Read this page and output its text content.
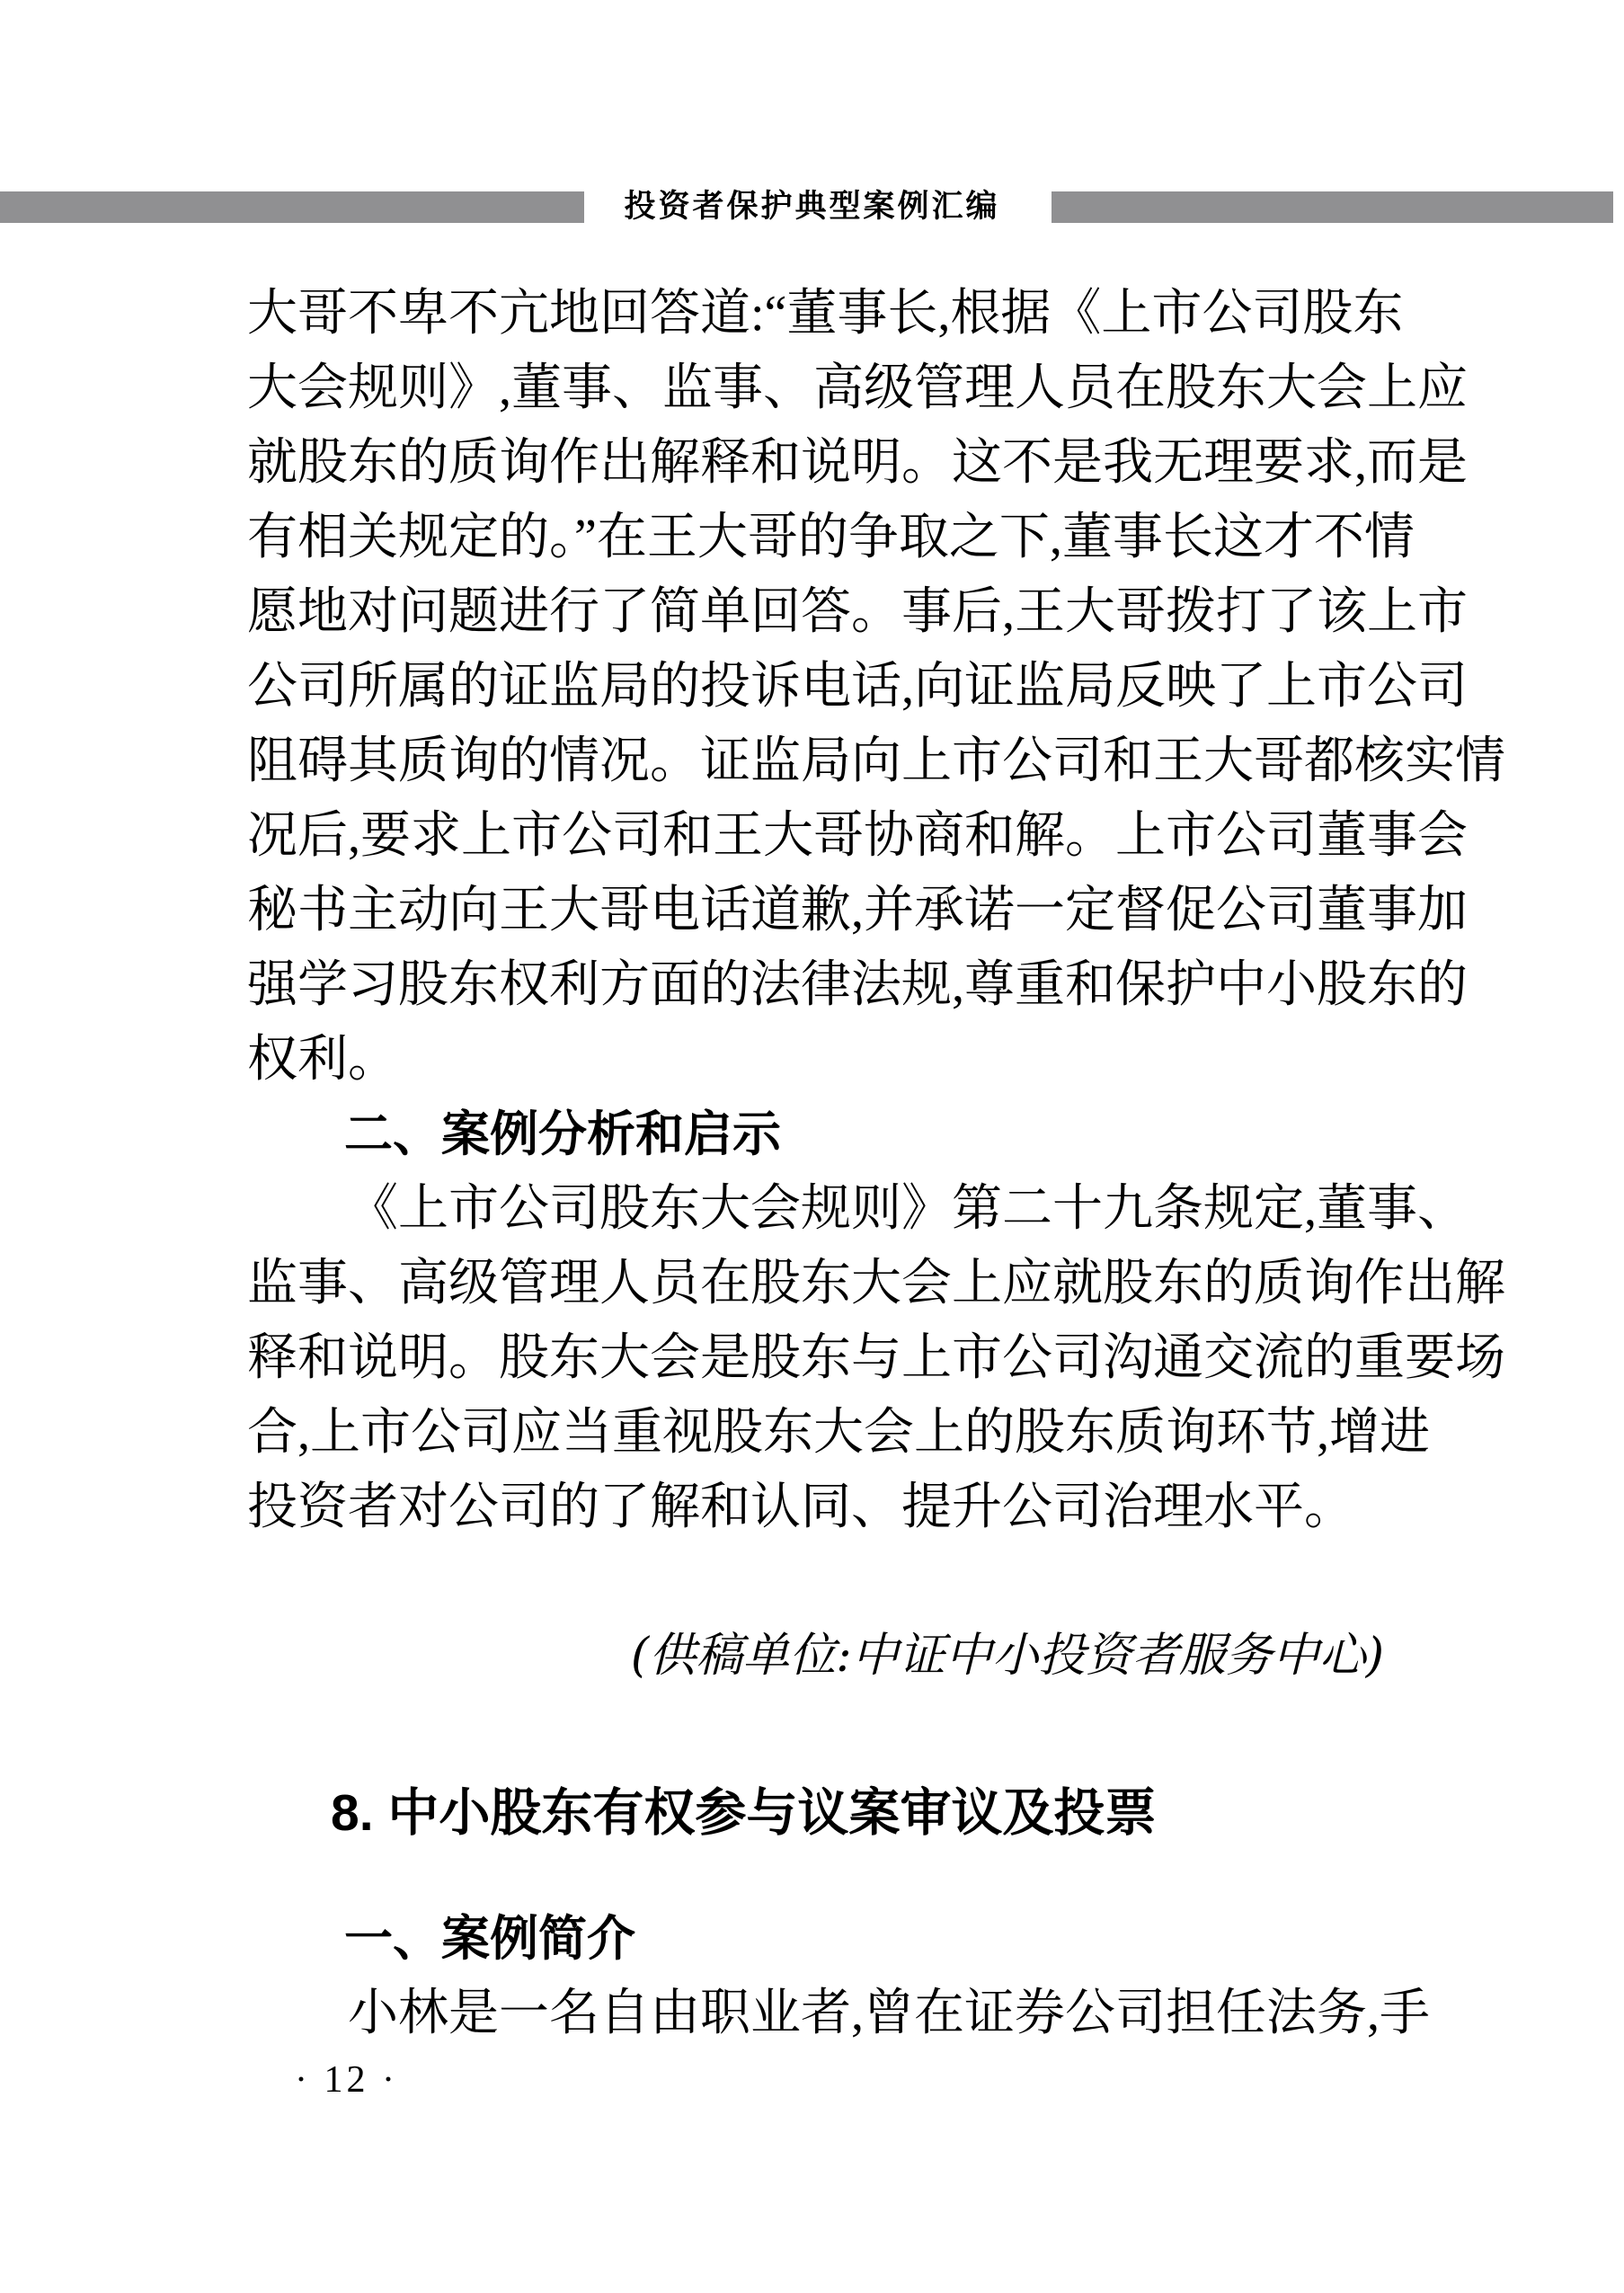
投资者保护典型案例汇编
大哥不卑不亢地回答道:“董事长,根据《上市公司股东
大会规则》,董事、监事、高级管理人员在股东大会上应
就股东的质询作出解释和说明。这不是我无理要求,而是
有相关规定的。”在王大哥的争取之下,董事长这才不情
愿地对问题进行了简单回答。事后,王大哥拨打了该上市
公司所属的证监局的投诉电话,向证监局反映了上市公司
阻碍其质询的情况。证监局向上市公司和王大哥都核实情
况后,要求上市公司和王大哥协商和解。上市公司董事会
秘书主动向王大哥电话道歉,并承诺一定督促公司董事加
强学习股东权利方面的法律法规,尊重和保护中小股东的
权利。
二、案例分析和启示
《上市公司股东大会规则》第二十九条规定,董事、
监事、高级管理人员在股东大会上应就股东的质询作出解
释和说明。股东大会是股东与上市公司沟通交流的重要场
合,上市公司应当重视股东大会上的股东质询环节,增进
投资者对公司的了解和认同、提升公司治理水平。
(供稿单位:中证中小投资者服务中心)
8. 中小股东有权参与议案审议及投票
一、案例简介
小林是一名自由职业者,曾在证券公司担任法务,手
· 12 ·
